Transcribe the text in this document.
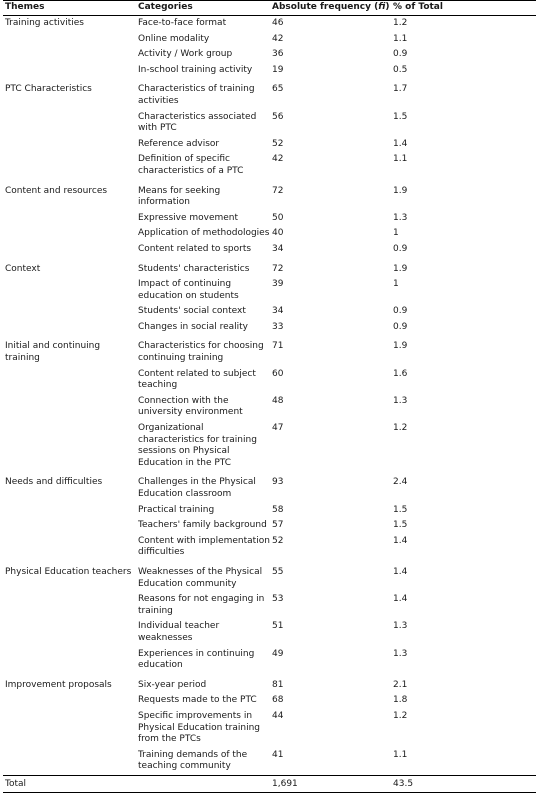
Themes	Categories	Absolute frequency (fi)	% of Total
Training activities	Face-to-face format	46	1.2
	Online modality	42	1.1
	Activity / Work group	36	0.9
	In-school training activity	19	0.5
PTC Characteristics	Characteristics of training activities	65	1.7
	Characteristics associated with PTC	56	1.5
	Reference advisor	52	1.4
	Definition of specific characteristics of a PTC	42	1.1
Content and resources	Means for seeking information	72	1.9
	Expressive movement	50	1.3
	Application of methodologies	40	1
	Content related to sports	34	0.9
Context	Students' characteristics	72	1.9
	Impact of continuing education on students	39	1
	Students' social context	34	0.9
	Changes in social reality	33	0.9
Initial and continuing training	Characteristics for choosing continuing training	71	1.9
	Content related to subject teaching	60	1.6
	Connection with the university environment	48	1.3
	Organizational characteristics for training sessions on Physical Education in the PTC	47	1.2
Needs and difficulties	Challenges in the Physical Education classroom	93	2.4
	Practical training	58	1.5
	Teachers' family background	57	1.5
	Content with implementation difficulties	52	1.4
Physical Education teachers	Weaknesses of the Physical Education community	55	1.4
	Reasons for not engaging in training	53	1.4
	Individual teacher weaknesses	51	1.3
	Experiences in continuing education	49	1.3
Improvement proposals	Six-year period	81	2.1
	Requests made to the PTC	68	1.8
	Specific improvements in Physical Education training from the PTCs	44	1.2
	Training demands of the teaching community	41	1.1
Total		1,691	43.5
